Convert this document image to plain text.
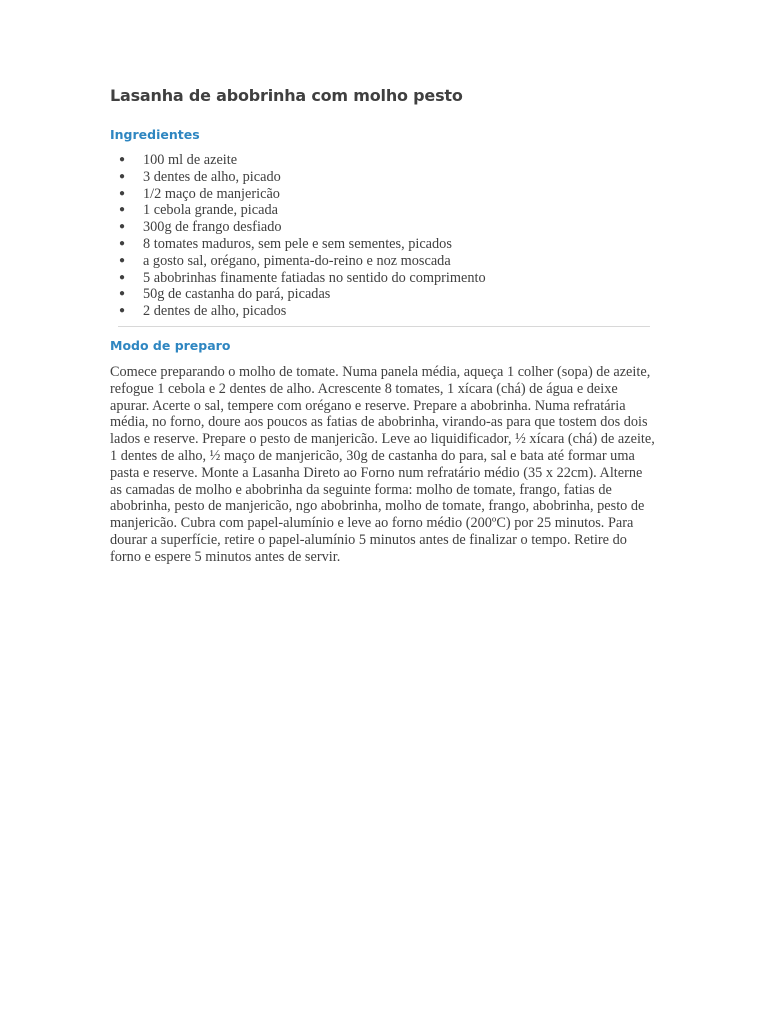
Lasanha de abobrinha com molho pesto
Ingredientes
● 100 ml de azeite
● 3 dentes de alho, picado
● 1/2 maço de manjericão
● 1 cebola grande, picada
● 300g de frango desfiado
● 8 tomates maduros, sem pele e sem sementes, picados
● a gosto sal, orégano, pimenta-do-reino e noz moscada
● 5 abobrinhas finamente fatiadas no sentido do comprimento
● 50g de castanha do pará, picadas
● 2 dentes de alho, picados
Modo de preparo

Comece preparando o molho de tomate. Numa panela média, aqueça 1 colher (sopa) de azeite, refogue 1 cebola e 2 dentes de alho. Acrescente 8 tomates, 1 xícara (chá) de água e deixe apurar. Acerte o sal, tempere com orégano e reserve. Prepare a abobrinha. Numa refratária média, no forno, doure aos poucos as fatias de abobrinha, virando-as para que tostem dos dois lados e reserve. Prepare o pesto de manjericão. Leve ao liquidificador, ½ xícara (chá) de azeite, 1 dentes de alho, ½ maço de manjericão, 30g de castanha do para, sal e bata até formar uma pasta e reserve. Monte a Lasanha Direto ao Forno num refratário médio (35 x 22cm). Alterne as camadas de molho e abobrinha da seguinte forma: molho de tomate, frango, fatias de abobrinha, pesto de manjericão, ngo abobrinha, molho de tomate, frango, abobrinha, pesto de manjericão. Cubra com papel-alumínio e leve ao forno médio (200ºC) por 25 minutos. Para dourar a superfície, retire o papel-alumínio 5 minutos antes de finalizar o tempo. Retire do forno e espere 5 minutos antes de servir.
